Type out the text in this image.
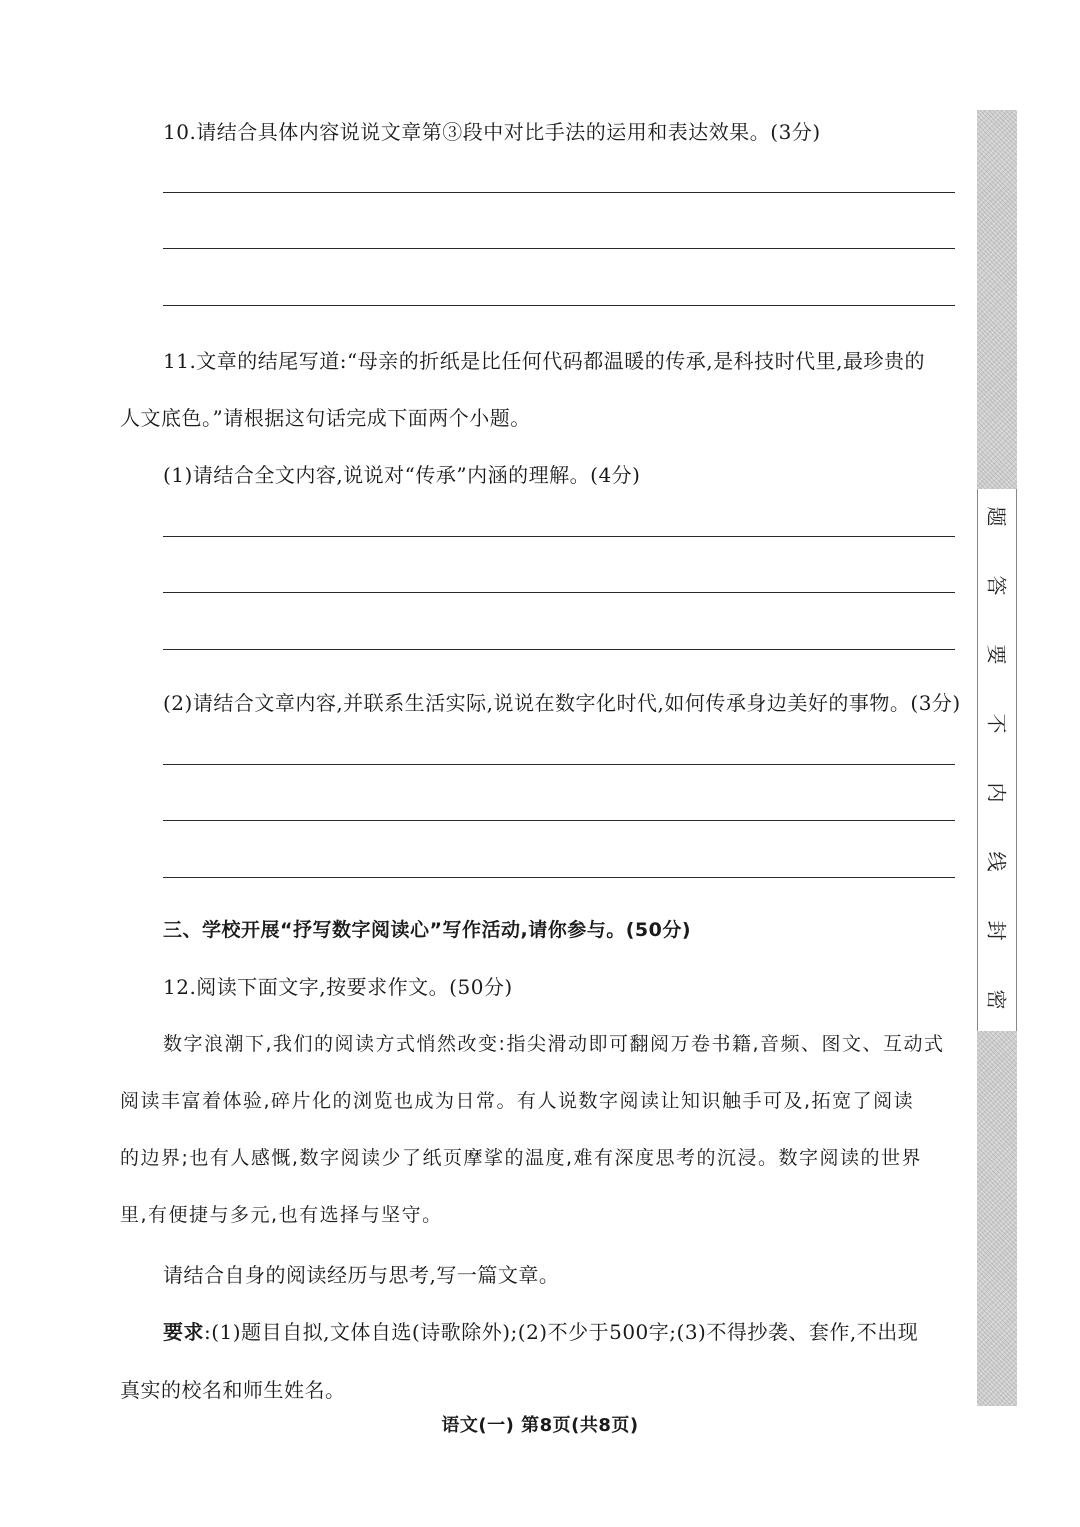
10.请结合具体内容说说文章第③段中对比手法的运用和表达效果。(3分)
11.文章的结尾写道:“母亲的折纸是比任何代码都温暖的传承,是科技时代里,最珍贵的
人文底色。”请根据这句话完成下面两个小题。
(1)请结合全文内容,说说对“传承”内涵的理解。(4分)
(2)请结合文章内容,并联系生活实际,说说在数字化时代,如何传承身边美好的事物。(3分)
三、学校开展“抒写数字阅读心”写作活动,请你参与。(50分)
12.阅读下面文字,按要求作文。(50分)
数字浪潮下,我们的阅读方式悄然改变:指尖滑动即可翻阅万卷书籍,音频、图文、互动式
阅读丰富着体验,碎片化的浏览也成为日常。有人说数字阅读让知识触手可及,拓宽了阅读
的边界;也有人感慨,数字阅读少了纸页摩挲的温度,难有深度思考的沉浸。数字阅读的世界
里,有便捷与多元,也有选择与坚守。
请结合自身的阅读经历与思考,写一篇文章。
要求:(1)题目自拟,文体自选(诗歌除外);(2)不少于500字;(3)不得抄袭、套作,不出现
真实的校名和师生姓名。
语文(一) 第8页(共8页)
题
答
要
不
内
线
封
密
